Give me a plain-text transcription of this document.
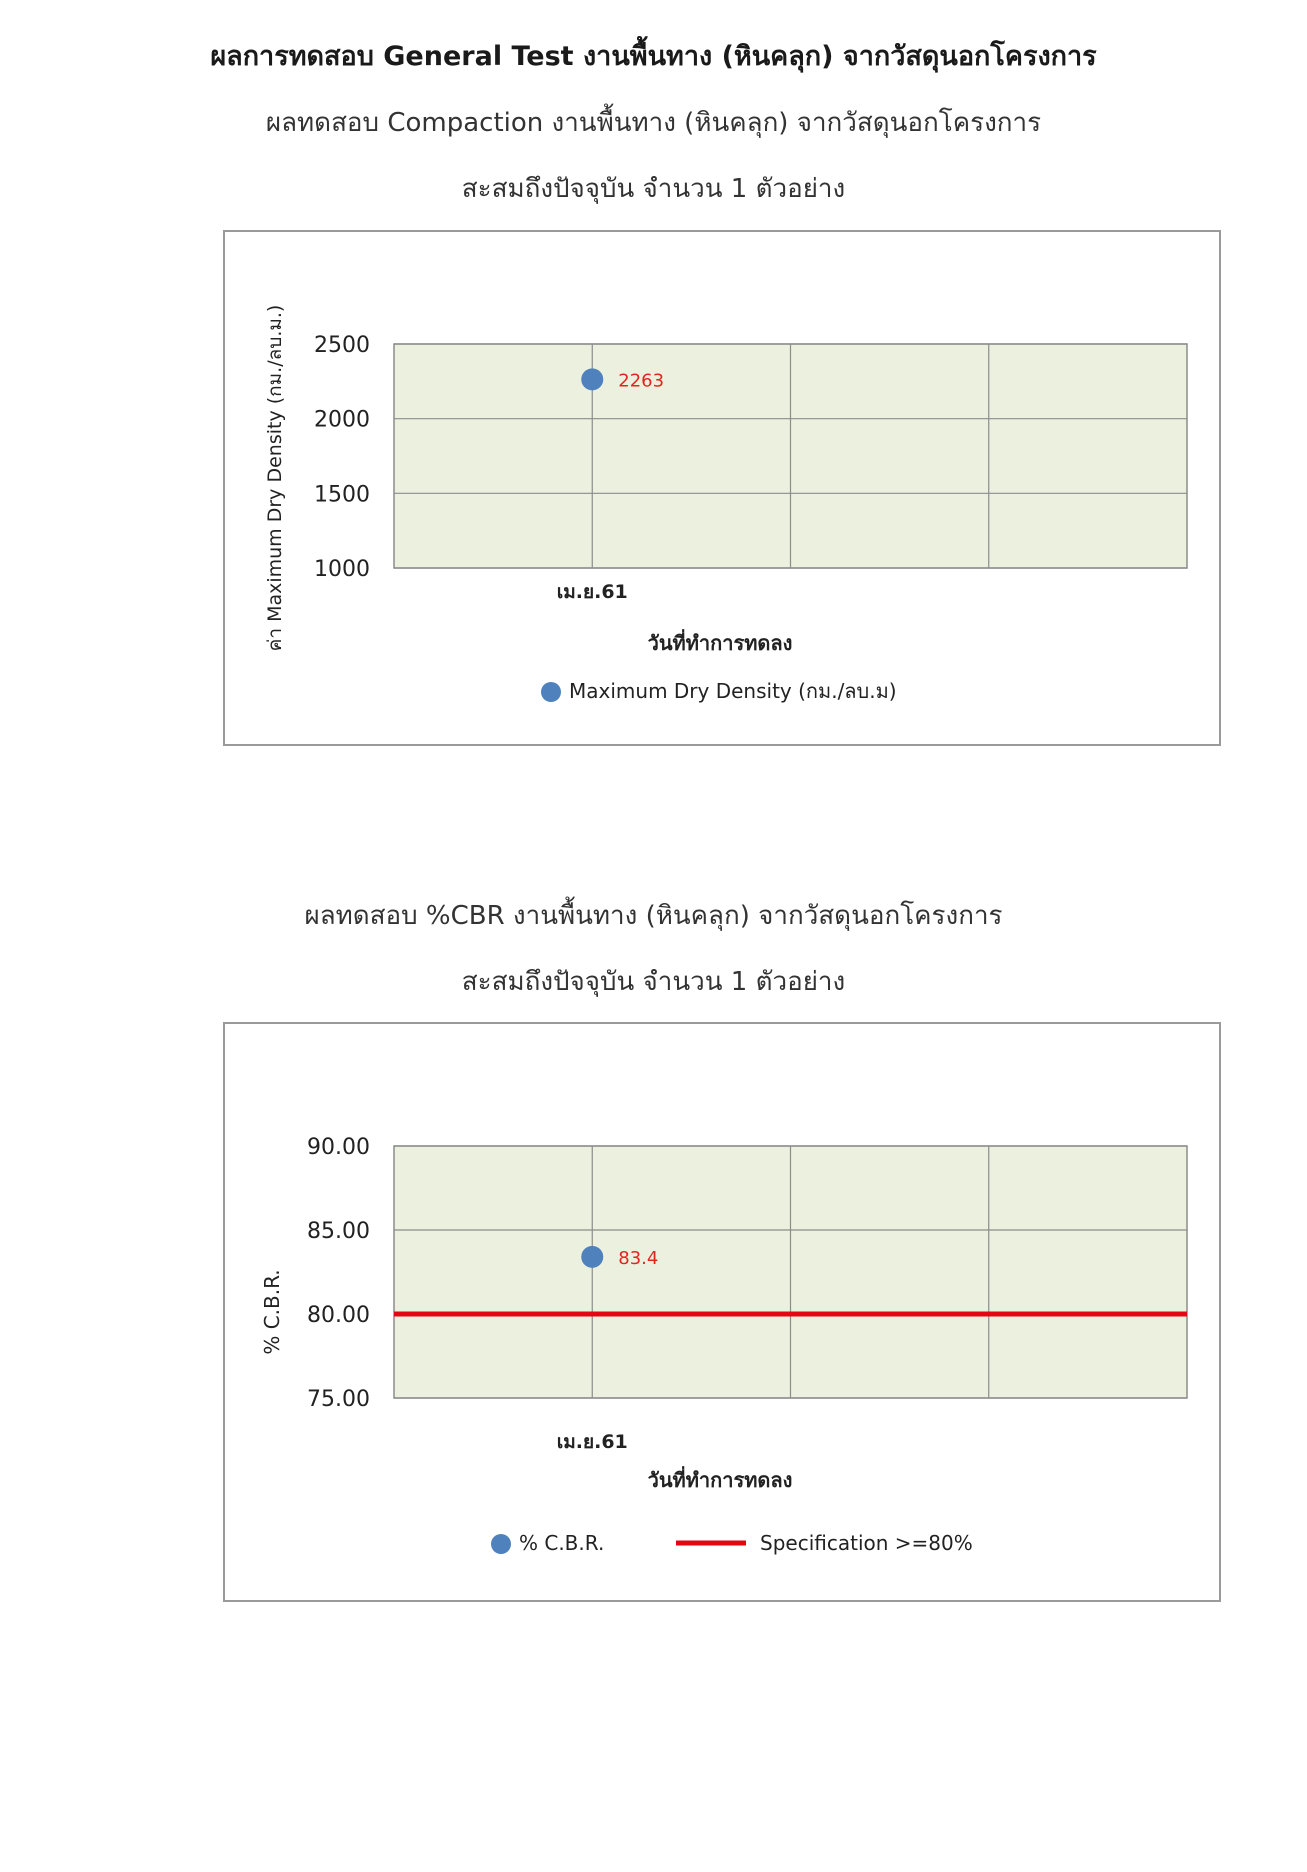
ผลการทดสอบ General Test งานพื้นทาง (หินคลุก) จากวัสดุนอกโครงการ
ผลทดสอบ Compaction งานพื้นทาง (หินคลุก) จากวัสดุนอกโครงการ
สะสมถึงปัจจุบัน จำนวน 1 ตัวอย่าง
1000
1500
2000
2500
เม.ย.61
วันที่ทำการทดลง
ค่า Maximum Dry Density (กม./ลบ.ม.)	2263
Maximum Dry Density (กม./ลบ.ม)
ผลทดสอบ %CBR งานพื้นทาง (หินคลุก) จากวัสดุนอกโครงการ
สะสมถึงปัจจุบัน จำนวน 1 ตัวอย่าง
75.00
80.00
85.00
90.00
เม.ย.61
วันที่ทำการทดลง
% C.B.R.
83.4
% C.B.R.	Specification >=80%
